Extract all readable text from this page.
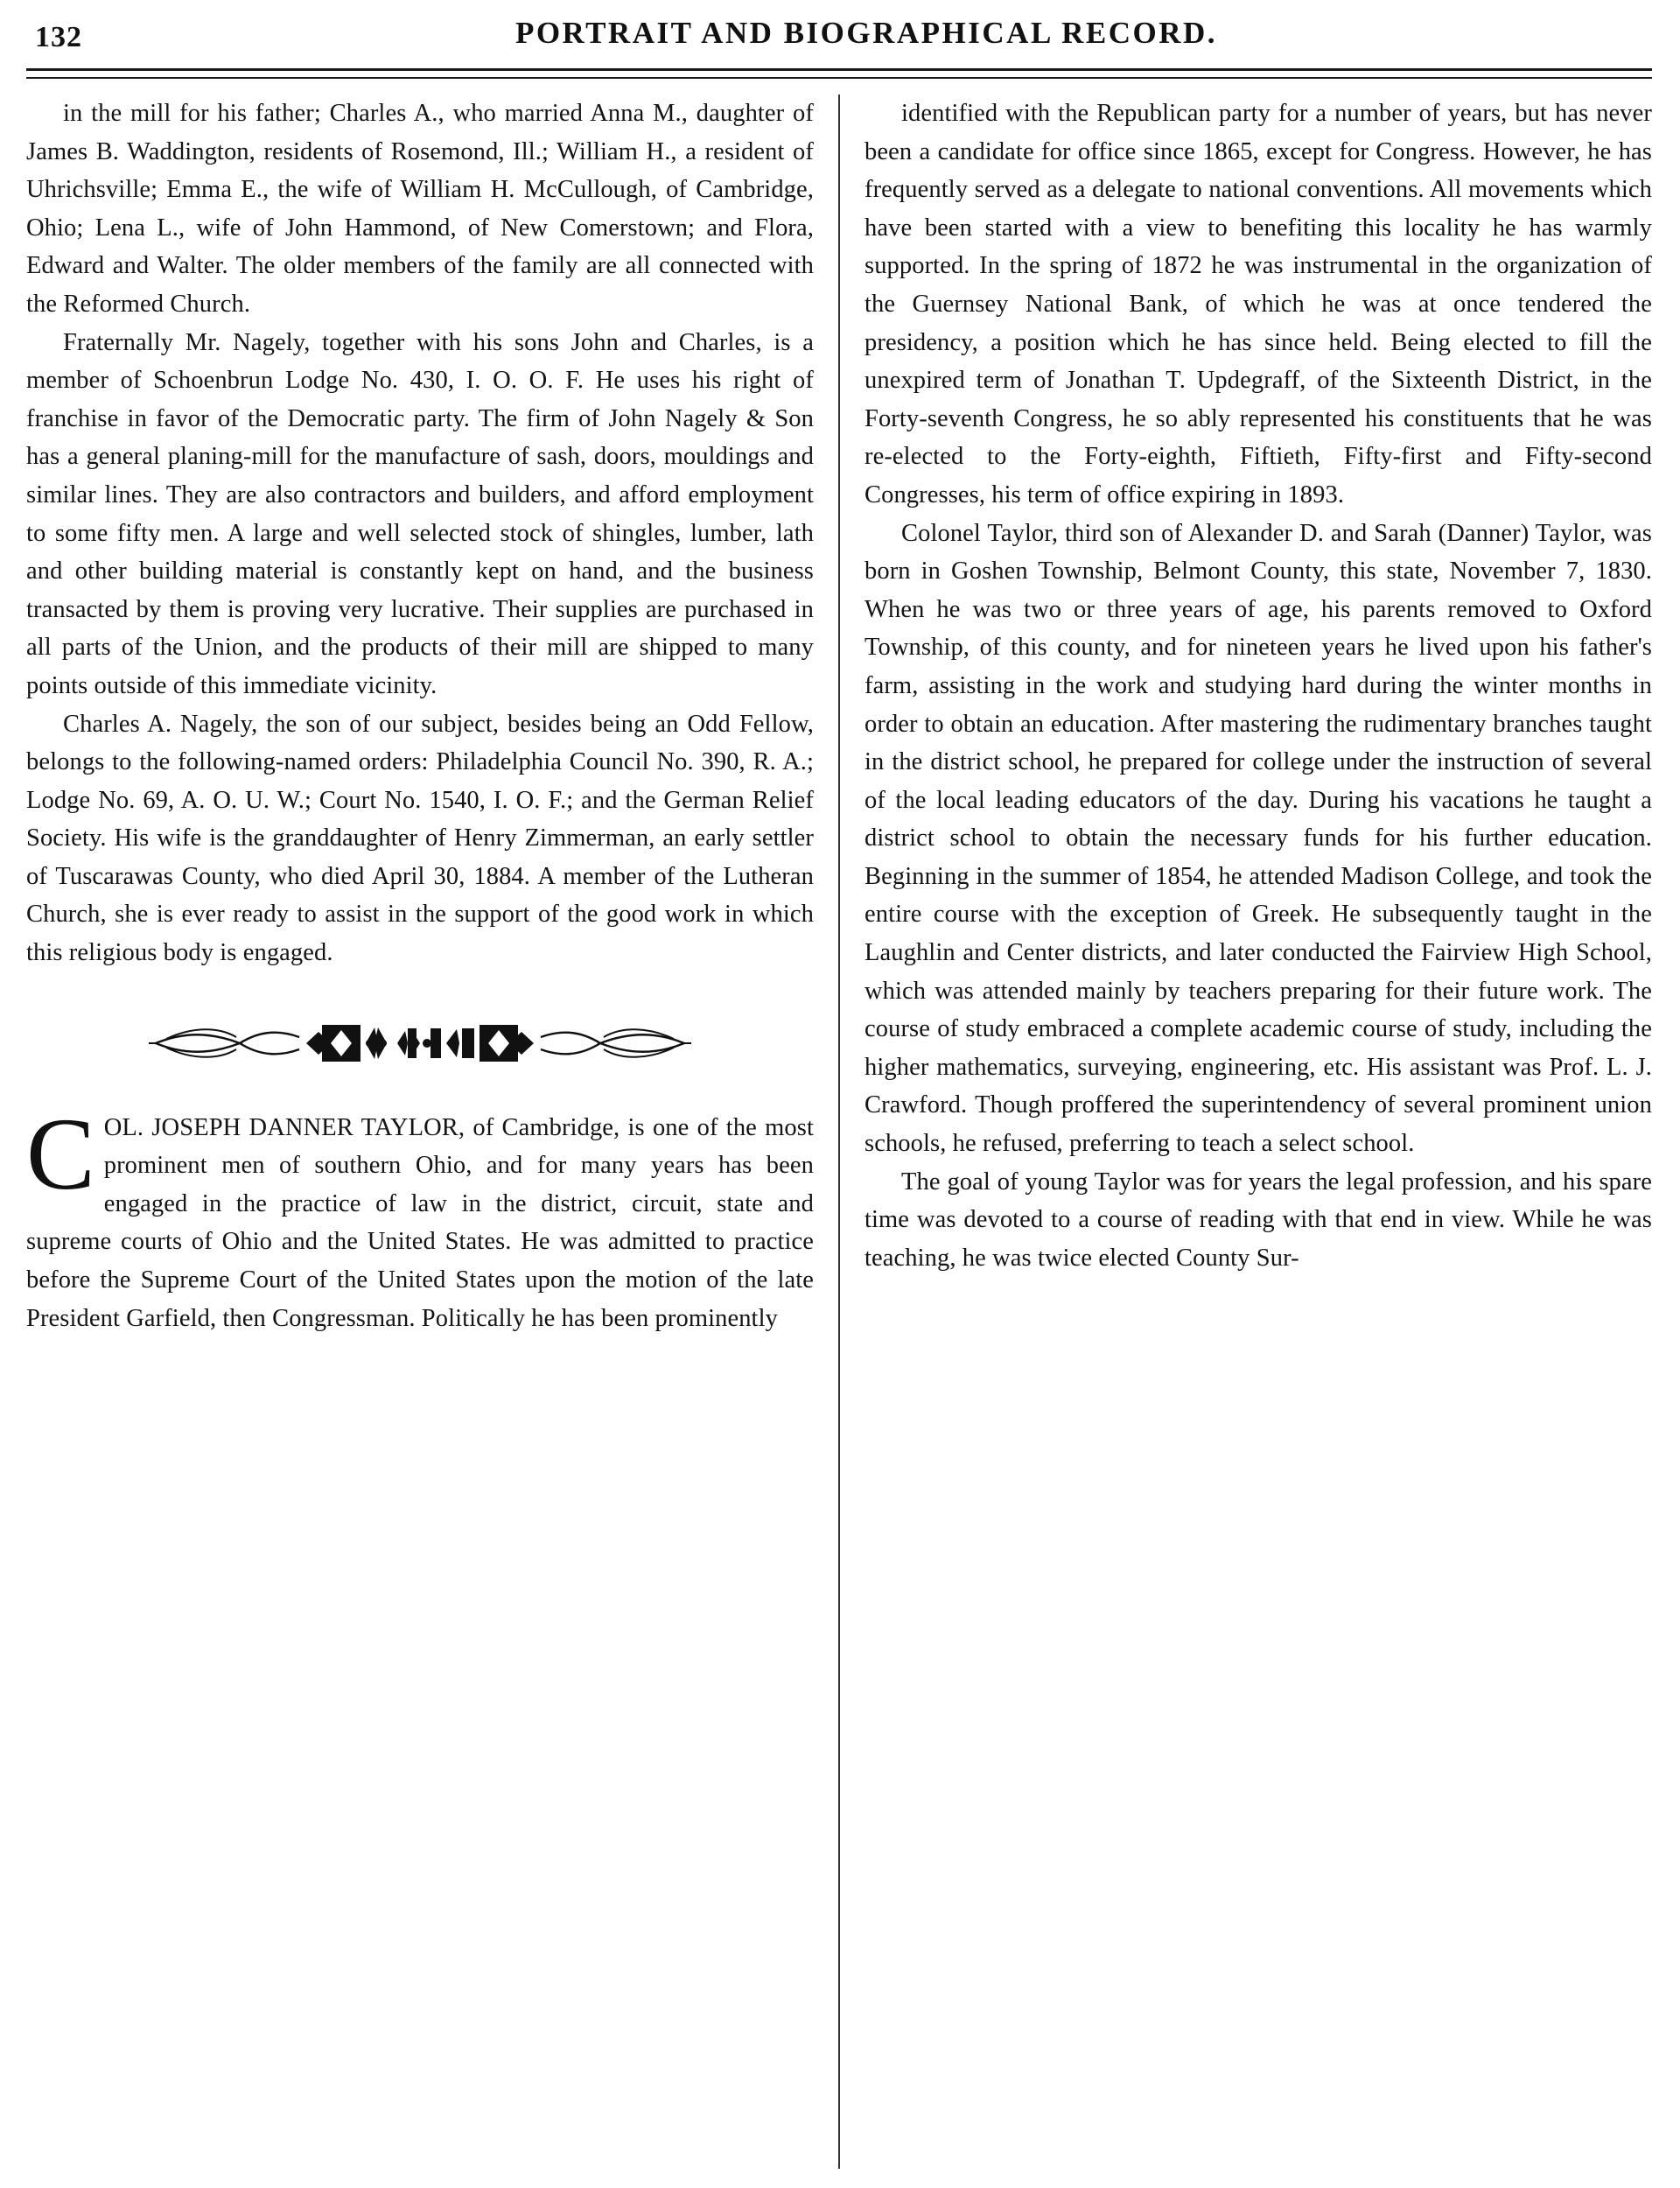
132	PORTRAIT AND BIOGRAPHICAL RECORD.

in the mill for his father; Charles A., who married Anna M., daughter of James B. Waddington, residents of Rosemond, Ill.; William H., a resident of Uhrichsville; Emma E., the wife of William H. McCullough, of Cambridge, Ohio; Lena L., wife of John Hammond, of New Comerstown; and Flora, Edward and Walter. The older members of the family are all connected with the Reformed Church.

Fraternally Mr. Nagely, together with his sons John and Charles, is a member of Schoenbrun Lodge No. 430, I. O. O. F. He uses his right of franchise in favor of the Democratic party. The firm of John Nagely & Son has a general planing-mill for the manufacture of sash, doors, mouldings and similar lines. They are also contractors and builders, and afford employment to some fifty men. A large and well selected stock of shingles, lumber, lath and other building material is constantly kept on hand, and the business transacted by them is proving very lucrative. Their supplies are purchased in all parts of the Union, and the products of their mill are shipped to many points outside of this immediate vicinity.

Charles A. Nagely, the son of our subject, besides being an Odd Fellow, belongs to the following-named orders: Philadelphia Council No. 390, R. A.; Lodge No. 69, A. O. U. W.; Court No. 1540, I. O. F.; and the German Relief Society. His wife is the granddaughter of Henry Zimmerman, an early settler of Tuscarawas County, who died April 30, 1884. A member of the Lutheran Church, she is ever ready to assist in the support of the good work in which this religious body is engaged.

C OL. JOSEPH DANNER TAYLOR, of Cambridge, is one of the most prominent men of southern Ohio, and for many years has been engaged in the practice of law in the district, circuit, state and supreme courts of Ohio and the United States. He was admitted to practice before the Supreme Court of the United States upon the motion of the late President Garfield, then Congressman. Politically he has been prominently

identified with the Republican party for a number of years, but has never been a candidate for office since 1865, except for Congress. However, he has frequently served as a delegate to national conventions. All movements which have been started with a view to benefiting this locality he has warmly supported. In the spring of 1872 he was instrumental in the organization of the Guernsey National Bank, of which he was at once tendered the presidency, a position which he has since held. Being elected to fill the unexpired term of Jonathan T. Updegraff, of the Sixteenth District, in the Forty-seventh Congress, he so ably represented his constituents that he was re-elected to the Forty-eighth, Fiftieth, Fifty-first and Fifty-second Congresses, his term of office expiring in 1893.

Colonel Taylor, third son of Alexander D. and Sarah (Danner) Taylor, was born in Goshen Township, Belmont County, this state, November 7, 1830. When he was two or three years of age, his parents removed to Oxford Township, of this county, and for nineteen years he lived upon his father's farm, assisting in the work and studying hard during the winter months in order to obtain an education. After mastering the rudimentary branches taught in the district school, he prepared for college under the instruction of several of the local leading educators of the day. During his vacations he taught a district school to obtain the necessary funds for his further education. Beginning in the summer of 1854, he attended Madison College, and took the entire course with the exception of Greek. He subsequently taught in the Laughlin and Center districts, and later conducted the Fairview High School, which was attended mainly by teachers preparing for their future work. The course of study embraced a complete academic course of study, including the higher mathematics, surveying, engineering, etc. His assistant was Prof. L. J. Crawford. Though proffered the superintendency of several prominent union schools, he refused, preferring to teach a select school.

The goal of young Taylor was for years the legal profession, and his spare time was devoted to a course of reading with that end in view. While he was teaching, he was twice elected County Sur-
